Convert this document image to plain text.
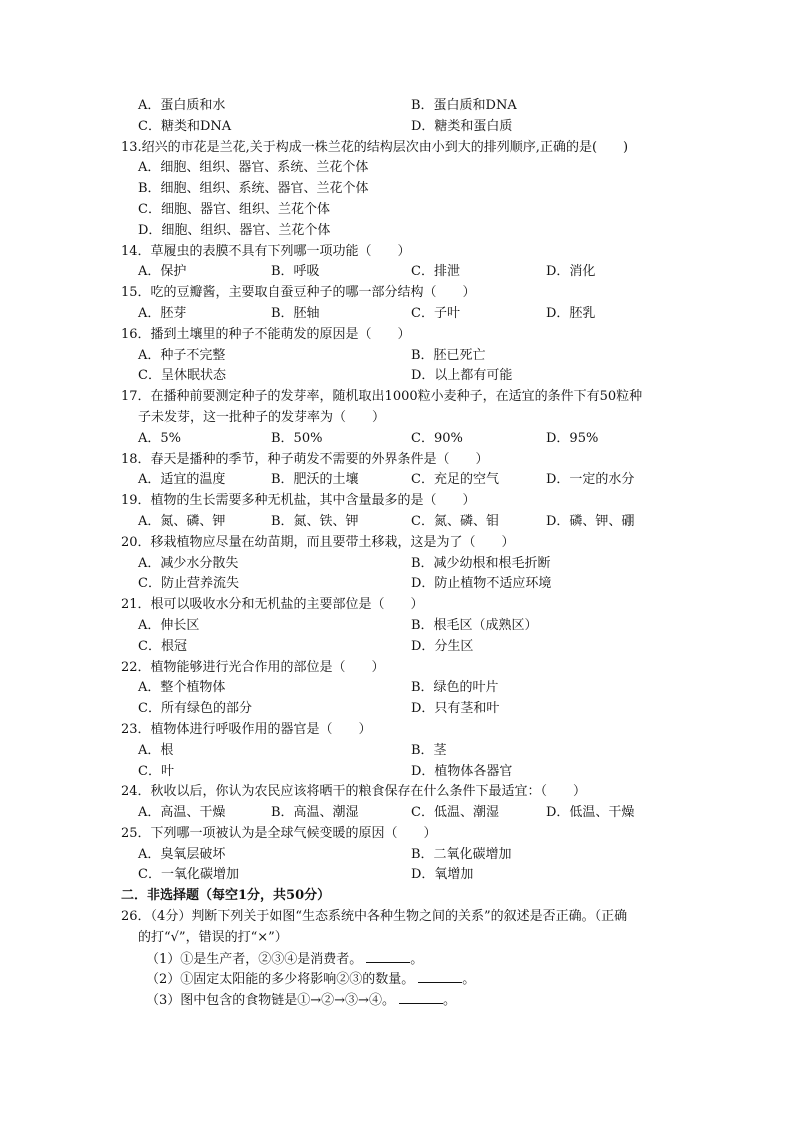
A．蛋白质和水	B．蛋白质和DNA
C．糖类和DNA	D．糖类和蛋白质
13.绍兴的市花是兰花,关于构成一株兰花的结构层次由小到大的排列顺序,正确的是(　　)
A．细胞、组织、器官、系统、兰花个体
B．细胞、组织、系统、器官、兰花个体
C．细胞、器官、组织、兰花个体
D．细胞、组织、器官、兰花个体
14．草履虫的表膜不具有下列哪一项功能（　　）
A．保护	B．呼吸	C．排泄	D．消化
15．吃的豆瓣酱，主要取自蚕豆种子的哪一部分结构（　　）
A．胚芽	B．胚轴	C．子叶	D．胚乳
16．播到土壤里的种子不能萌发的原因是（　　）
A．种子不完整	B．胚已死亡
C．呈休眠状态	D．以上都有可能
17．在播种前要测定种子的发芽率，随机取出1000粒小麦种子，在适宜的条件下有50粒种
子未发芽，这一批种子的发芽率为（　　）
A．5%	B．50%	C．90%	D．95%
18．春天是播种的季节，种子萌发不需要的外界条件是（　　）
A．适宜的温度	B．肥沃的土壤	C．充足的空气	D．一定的水分
19．植物的生长需要多种无机盐，其中含量最多的是（　　）
A．氮、磷、钾	B．氮、铁、钾	C．氮、磷、钼	D．磷、钾、硼
20．移栽植物应尽量在幼苗期，而且要带土移栽，这是为了（　　）
A．减少水分散失	B．减少幼根和根毛折断
C．防止营养流失	D．防止植物不适应环境
21．根可以吸收水分和无机盐的主要部位是（　　）
A．伸长区	B．根毛区（成熟区）
C．根冠	D．分生区
22．植物能够进行光合作用的部位是（　　）
A．整个植物体	B．绿色的叶片
C．所有绿色的部分	D．只有茎和叶
23．植物体进行呼吸作用的器官是（　　）
A．根	B．茎
C．叶	D．植物体各器官
24．秋收以后，你认为农民应该将晒干的粮食保存在什么条件下最适宜：（　　）
A．高温、干燥	B．高温、潮湿	C．低温、潮湿	D．低温、干燥
25．下列哪一项被认为是全球气候变暖的原因（　　）
A．臭氧层破坏	B．二氧化碳增加
C．一氧化碳增加	D．氧增加
二．非选择题（每空1分，共50分）
26．（4分）判断下列关于如图“生态系统中各种生物之间的关系”的叙述是否正确。（正确
的打“√”，错误的打“×”）
（1）①是生产者，②③④是消费者。	。
（2）①固定太阳能的多少将影响②③的数量。	。
（3）图中包含的食物链是①→②→③→④。	。
